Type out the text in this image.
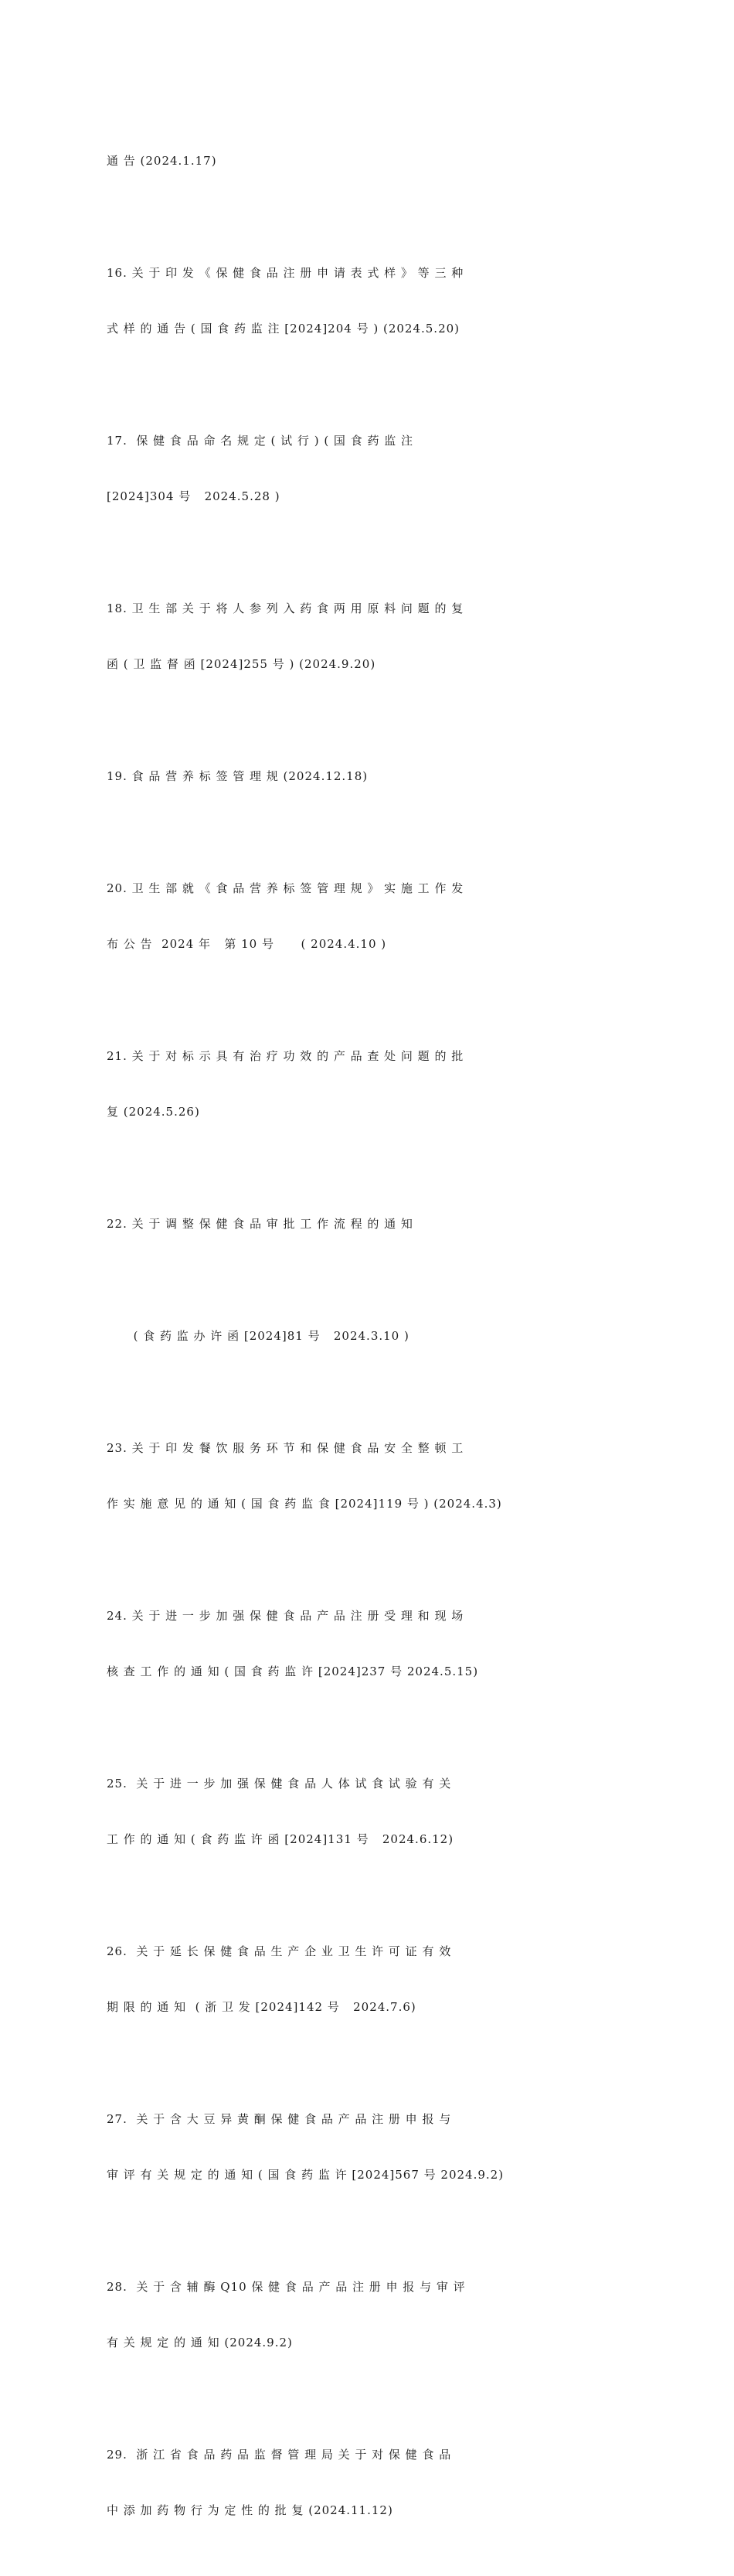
通 告 (2024.1.17)

16. 关 于 印 发 《 保 健 食 品 注 册 申 请 表 式 样 》 等 三 种

式 样 的 通 告 ( 国 食 药 监 注 [2024]204 号 ) (2024.5.20)

17.  保 健 食 品 命 名 规 定 ( 试 行 ) ( 国 食 药 监 注

[2024]304 号   2024.5.28 )

18. 卫 生 部 关 于 将 人 参 列 入 药 食 两 用 原 料 问 题 的 复

函 ( 卫 监 督 函 [2024]255 号 ) (2024.9.20)

19. 食 品 营 养 标 签 管 理 规 (2024.12.18)

20. 卫 生 部 就 《 食 品 营 养 标 签 管 理 规 》 实 施 工 作 发

布 公 告  2024 年   第 10 号      ( 2024.4.10 )

21. 关 于 对 标 示 具 有 治 疗 功 效 的 产 品 查 处 问 题 的 批

复 (2024.5.26)

22. 关 于 调 整 保 健 食 品 审 批 工 作 流 程 的 通 知

( 食 药 监 办 许 函 [2024]81 号   2024.3.10 )

23. 关 于 印 发 餐 饮 服 务 环 节 和 保 健 食 品 安 全 整 顿 工

作 实 施 意 见 的 通 知 ( 国 食 药 监 食 [2024]119 号 ) (2024.4.3)

24. 关 于 进 一 步 加 强 保 健 食 品 产 品 注 册 受 理 和 现 场

核 查 工 作 的 通 知 ( 国 食 药 监 许 [2024]237 号 2024.5.15)

25.  关 于 进 一 步 加 强 保 健 食 品 人 体 试 食 试 验 有 关

工 作 的 通 知 ( 食 药 监 许 函 [2024]131 号   2024.6.12)

26.  关 于 延 长 保 健 食 品 生 产 企 业 卫 生 许 可 证 有 效

期 限 的 通 知  ( 浙 卫 发 [2024]142 号   2024.7.6)

27.  关 于 含 大 豆 异 黄 酮 保 健 食 品 产 品 注 册 申 报 与

审 评 有 关 规 定 的 通 知 ( 国 食 药 监 许 [2024]567 号 2024.9.2)

28.  关 于 含 辅 酶 Q10 保 健 食 品 产 品 注 册 申 报 与 审 评

有 关 规 定 的 通 知 (2024.9.2)

29.  浙 江 省 食 品 药 品 监 督 管 理 局 关 于 对 保 健 食 品

中 添 加 药 物 行 为 定 性 的 批 复 (2024.11.12)
